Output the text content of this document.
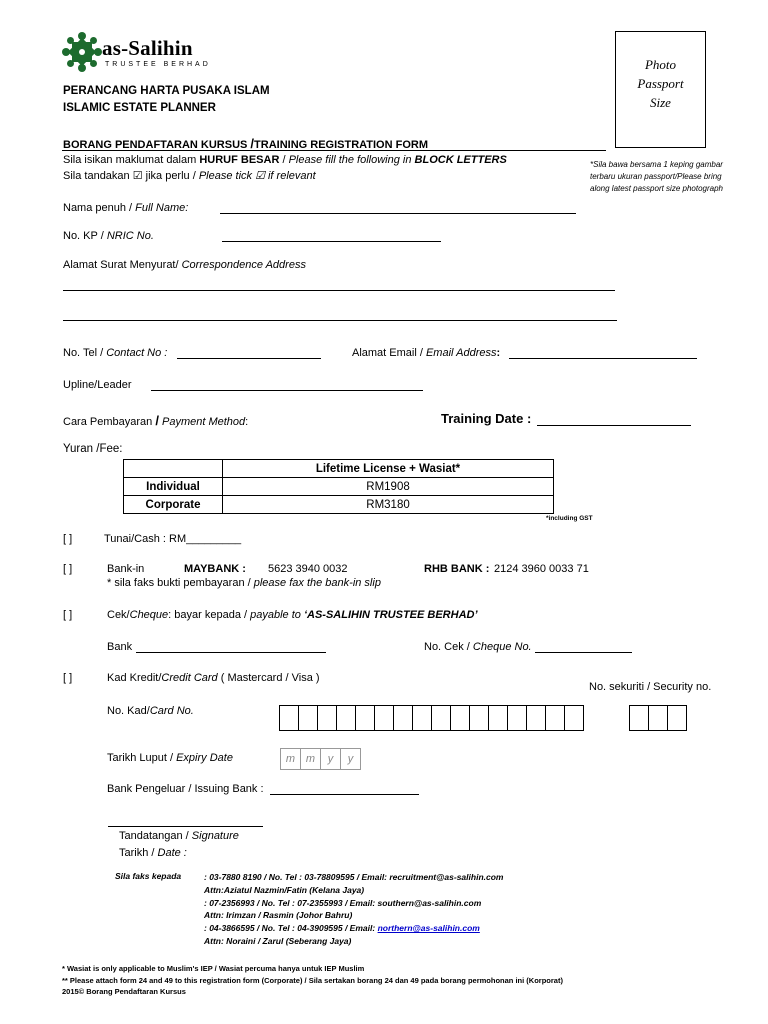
as-Salihin
TRUSTEE BERHAD
PERANCANG HARTA PUSAKA ISLAM
ISLAMIC ESTATE PLANNER
BORANG PENDAFTARAN KURSUS /TRAINING REGISTRATION FORM
Photo
Passport
Size
*Sila bawa bersama 1 keping gambar
terbaru ukuran passport/Please bring
along latest passport size photograph
Sila isikan maklumat dalam HURUF BESAR / Please fill the following in BLOCK LETTERS
Sila tandakan ☑ jika perlu / Please tick ☑ if relevant
Nama penuh / Full Name:
No. KP / NRIC No.
Alamat Surat Menyurat/ Correspondence Address
No. Tel / Contact No :	Alamat Email / Email Address:
Upline/Leader
Cara Pembayaran / Payment Method:	Training Date :
Yuran /Fee:
	Lifetime License + Wasiat*
Individual	RM1908
Corporate	RM3180
*including GST
[ ]	Tunai/Cash : RM_________
[ ]	Bank-in	MAYBANK : 5623 3940 0032	RHB BANK : 2124 3960 0033 71
* sila faks bukti pembayaran / please fax the bank-in slip
[ ]	Cek/Cheque: bayar kepada / payable to ‘AS-SALIHIN TRUSTEE BERHAD’
Bank	No. Cek / Cheque No.
[ ]	Kad Kredit/Credit Card ( Mastercard / Visa )
No. sekuriti / Security no.
No. Kad/Card No.
Tarikh Luput / Expiry Date	m m	y	y
Bank Pengeluar / Issuing Bank :
Tandatangan / Signature
Tarikh / Date :
Sila faks kepada	: 03-7880 8190 / No. Tel : 03-78809595 / Email: recruitment@as-salihin.com
Attn:Aziatul Nazmin/Fatin (Kelana Jaya)
: 07-2356993 / No. Tel : 07-2355993 / Email: southern@as-salihin.com
Attn: Irimzan / Rasmin (Johor Bahru)
: 04-3866595 / No. Tel : 04-3909595 / Email: northern@as-salihin.com
Attn: Noraini / Zarul (Seberang Jaya)
* Wasiat is only applicable to Muslim's IEP / Wasiat percuma hanya untuk IEP Muslim
** Please attach form 24 and 49 to this registration form (Corporate) / Sila sertakan borang 24 dan 49 pada borang permohonan ini (Korporat)
2015© Borang Pendaftaran Kursus
